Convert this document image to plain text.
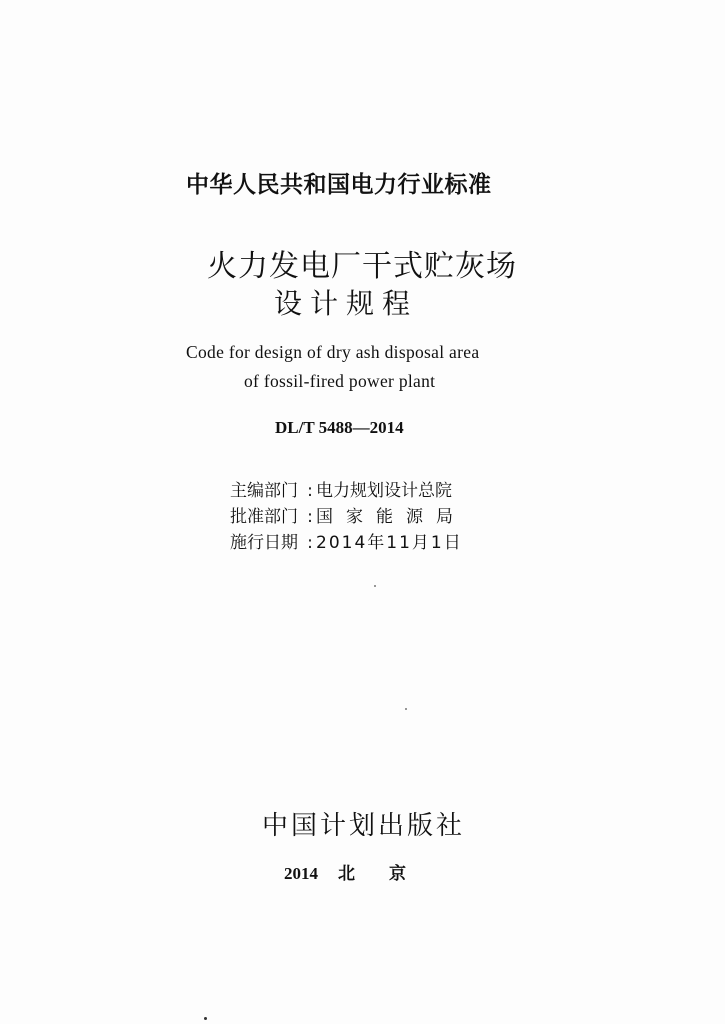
中华人民共和国电力行业标准
火力发电厂干式贮灰场
设计规程
Code for design of dry ash disposal area
of fossil-fired power plant
DL/T 5488—2014
主编部门 : 电力规划设计总院
批准部门 : 国家能源局
施行日期 : 2014年11月1日
中国计划出版社
2014 北京
